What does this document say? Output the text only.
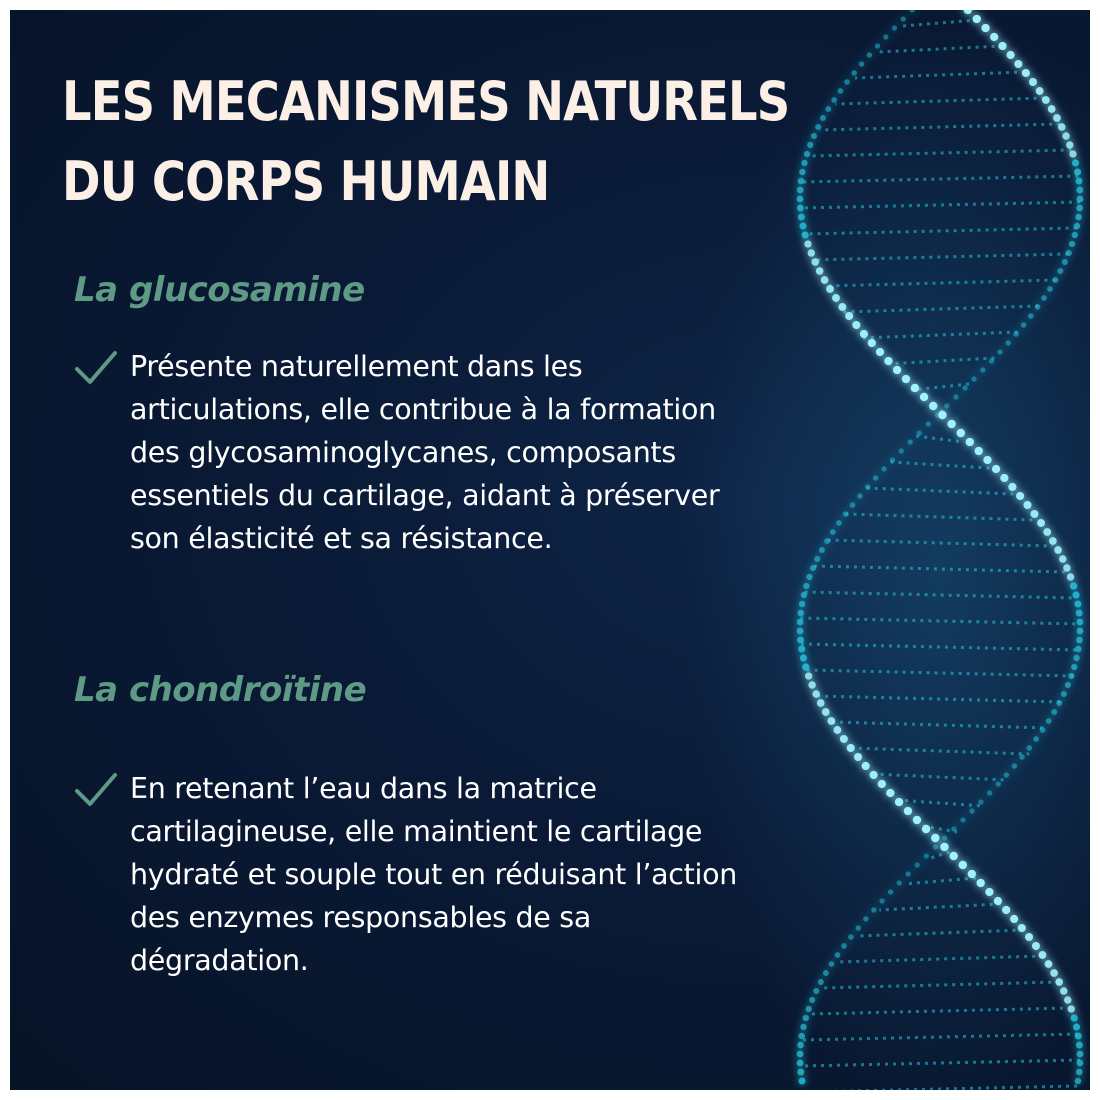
LES MECANISMES NATURELS
DU CORPS HUMAIN
La glucosamine

Présente naturellement dans les articulations, elle contribue à la formation des glycosaminoglycanes, composants essentiels du cartilage, aidant à préserver son élasticité et sa résistance.

La chondroïtine

En retenant l’eau dans la matrice cartilagineuse, elle maintient le cartilage hydraté et souple tout en réduisant l’action des enzymes responsables de sa dégradation.
